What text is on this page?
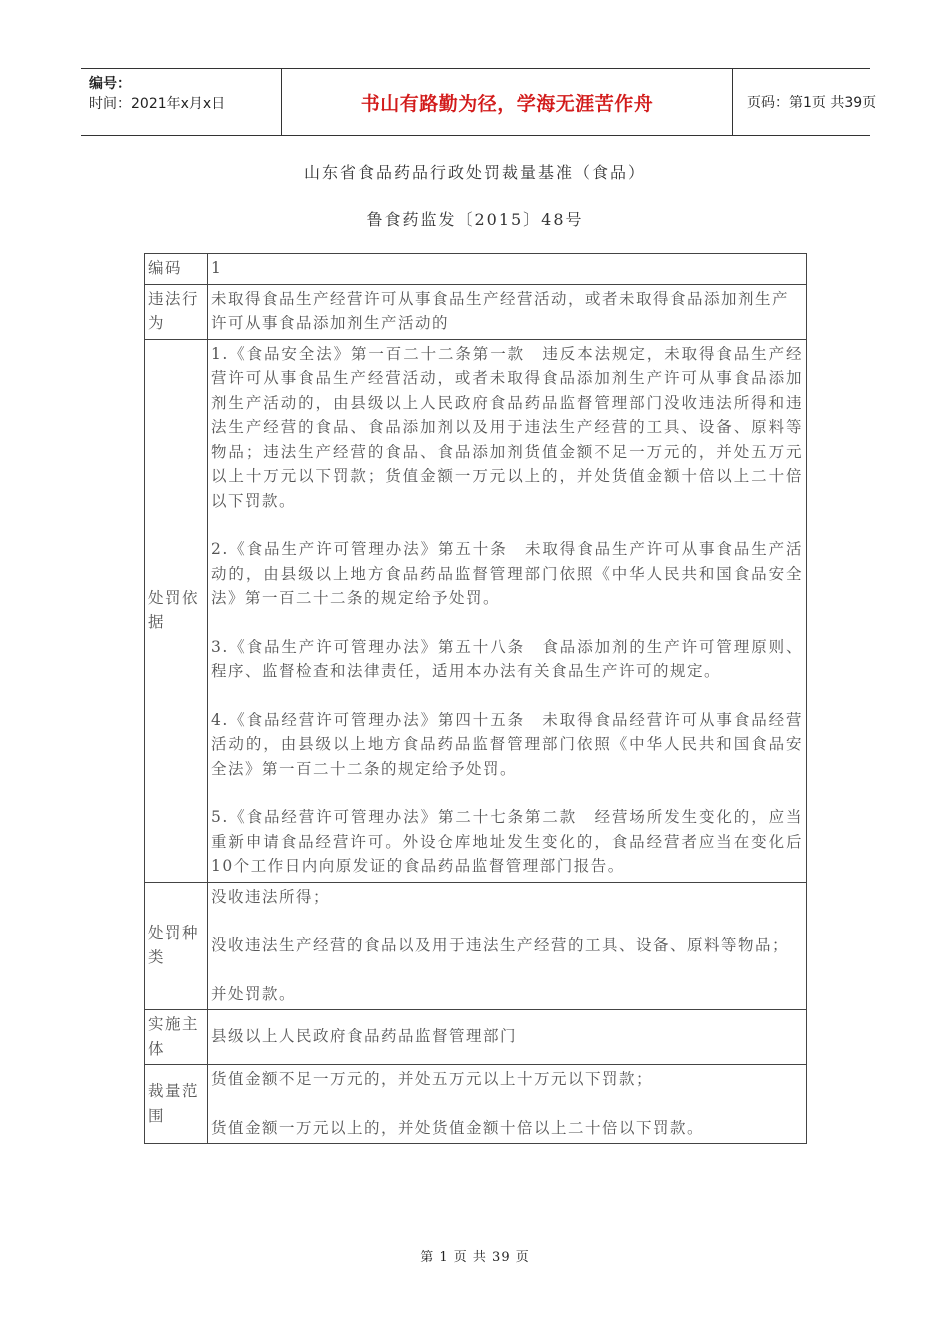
编号：
时间：2021年x月x日	书山有路勤为径，学海无涯苦作舟	页码：第1页 共39页
山东省食品药品行政处罚裁量基准（食品）
鲁食药监发〔2015〕48号
编码	1
违法行为	未取得食品生产经营许可从事食品生产经营活动，或者未取得食品添加剂生产许可从事食品添加剂生产活动的
处罚依据	1.《食品安全法》第一百二十二条第一款　违反本法规定，未取得食品生产经营许可从事食品生产经营活动，或者未取得食品添加剂生产许可从事食品添加剂生产活动的，由县级以上人民政府食品药品监督管理部门没收违法所得和违法生产经营的食品、食品添加剂以及用于违法生产经营的工具、设备、原料等物品；违法生产经营的食品、食品添加剂货值金额不足一万元的，并处五万元以上十万元以下罚款；货值金额一万元以上的，并处货值金额十倍以上二十倍以下罚款。

2.《食品生产许可管理办法》第五十条　未取得食品生产许可从事食品生产活动的，由县级以上地方食品药品监督管理部门依照《中华人民共和国食品安全法》第一百二十二条的规定给予处罚。

3.《食品生产许可管理办法》第五十八条　食品添加剂的生产许可管理原则、程序、监督检查和法律责任，适用本办法有关食品生产许可的规定。

4.《食品经营许可管理办法》第四十五条　未取得食品经营许可从事食品经营活动的，由县级以上地方食品药品监督管理部门依照《中华人民共和国食品安全法》第一百二十二条的规定给予处罚。

5.《食品经营许可管理办法》第二十七条第二款　经营场所发生变化的，应当重新申请食品经营许可。外设仓库地址发生变化的，食品经营者应当在变化后10个工作日内向原发证的食品药品监督管理部门报告。

处罚种类	没收违法所得；

没收违法生产经营的食品以及用于违法生产经营的工具、设备、原料等物品；

并处罚款。

实施主体	县级以上人民政府食品药品监督管理部门
裁量范围	货值金额不足一万元的，并处五万元以上十万元以下罚款；

货值金额一万元以上的，并处货值金额十倍以上二十倍以下罚款。

第 1 页 共 39 页
